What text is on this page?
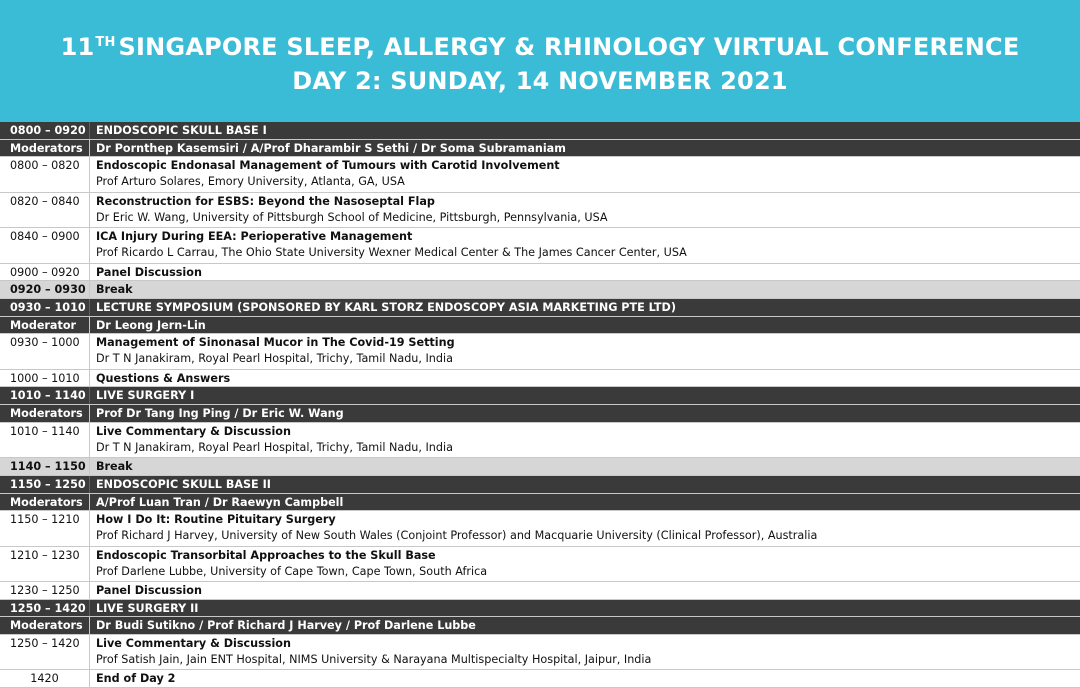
11TH SINGAPORE SLEEP, ALLERGY & RHINOLOGY VIRTUAL CONFERENCE
DAY 2: SUNDAY, 14 NOVEMBER 2021
0800 – 0920 ENDOSCOPIC SKULL BASE I
Moderators	Dr Pornthep Kasemsiri / A/Prof Dharambir S Sethi / Dr Soma Subramaniam
0800 – 0820	Endoscopic Endonasal Management of Tumours with Carotid Involvement
Prof Arturo Solares, Emory University, Atlanta, GA, USA
0820 – 0840	Reconstruction for ESBS: Beyond the Nasoseptal Flap
Dr Eric W. Wang, University of Pittsburgh School of Medicine, Pittsburgh, Pennsylvania, USA
0840 – 0900	ICA Injury During EEA: Perioperative Management
Prof Ricardo L Carrau, The Ohio State University Wexner Medical Center & The James Cancer Center, USA
0900 – 0920	Panel Discussion
0920 – 0930 Break
0930 – 1010 LECTURE SYMPOSIUM (SPONSORED BY KARL STORZ ENDOSCOPY ASIA MARKETING PTE LTD)
Moderator	Dr Leong Jern-Lin
0930 – 1000	Management of Sinonasal Mucor in The Covid-19 Setting
Dr T N Janakiram, Royal Pearl Hospital, Trichy, Tamil Nadu, India
1000 – 1010	Questions & Answers
1010 – 1140 LIVE SURGERY I
Moderators	Prof Dr Tang Ing Ping / Dr Eric W. Wang
1010 – 1140	Live Commentary & Discussion
Dr T N Janakiram, Royal Pearl Hospital, Trichy, Tamil Nadu, India
1140 – 1150 Break
1150 – 1250 ENDOSCOPIC SKULL BASE II
Moderators	A/Prof Luan Tran / Dr Raewyn Campbell
1150 – 1210	How I Do It: Routine Pituitary Surgery
Prof Richard J Harvey, University of New South Wales (Conjoint Professor) and Macquarie University (Clinical Professor), Australia
1210 – 1230	Endoscopic Transorbital Approaches to the Skull Base
Prof Darlene Lubbe, University of Cape Town, Cape Town, South Africa
1230 – 1250	Panel Discussion
1250 – 1420 LIVE SURGERY II
Moderators	Dr Budi Sutikno / Prof Richard J Harvey / Prof Darlene Lubbe
1250 – 1420	Live Commentary & Discussion
Prof Satish Jain, Jain ENT Hospital, NIMS University & Narayana Multispecialty Hospital, Jaipur, India
1420	End of Day 2
